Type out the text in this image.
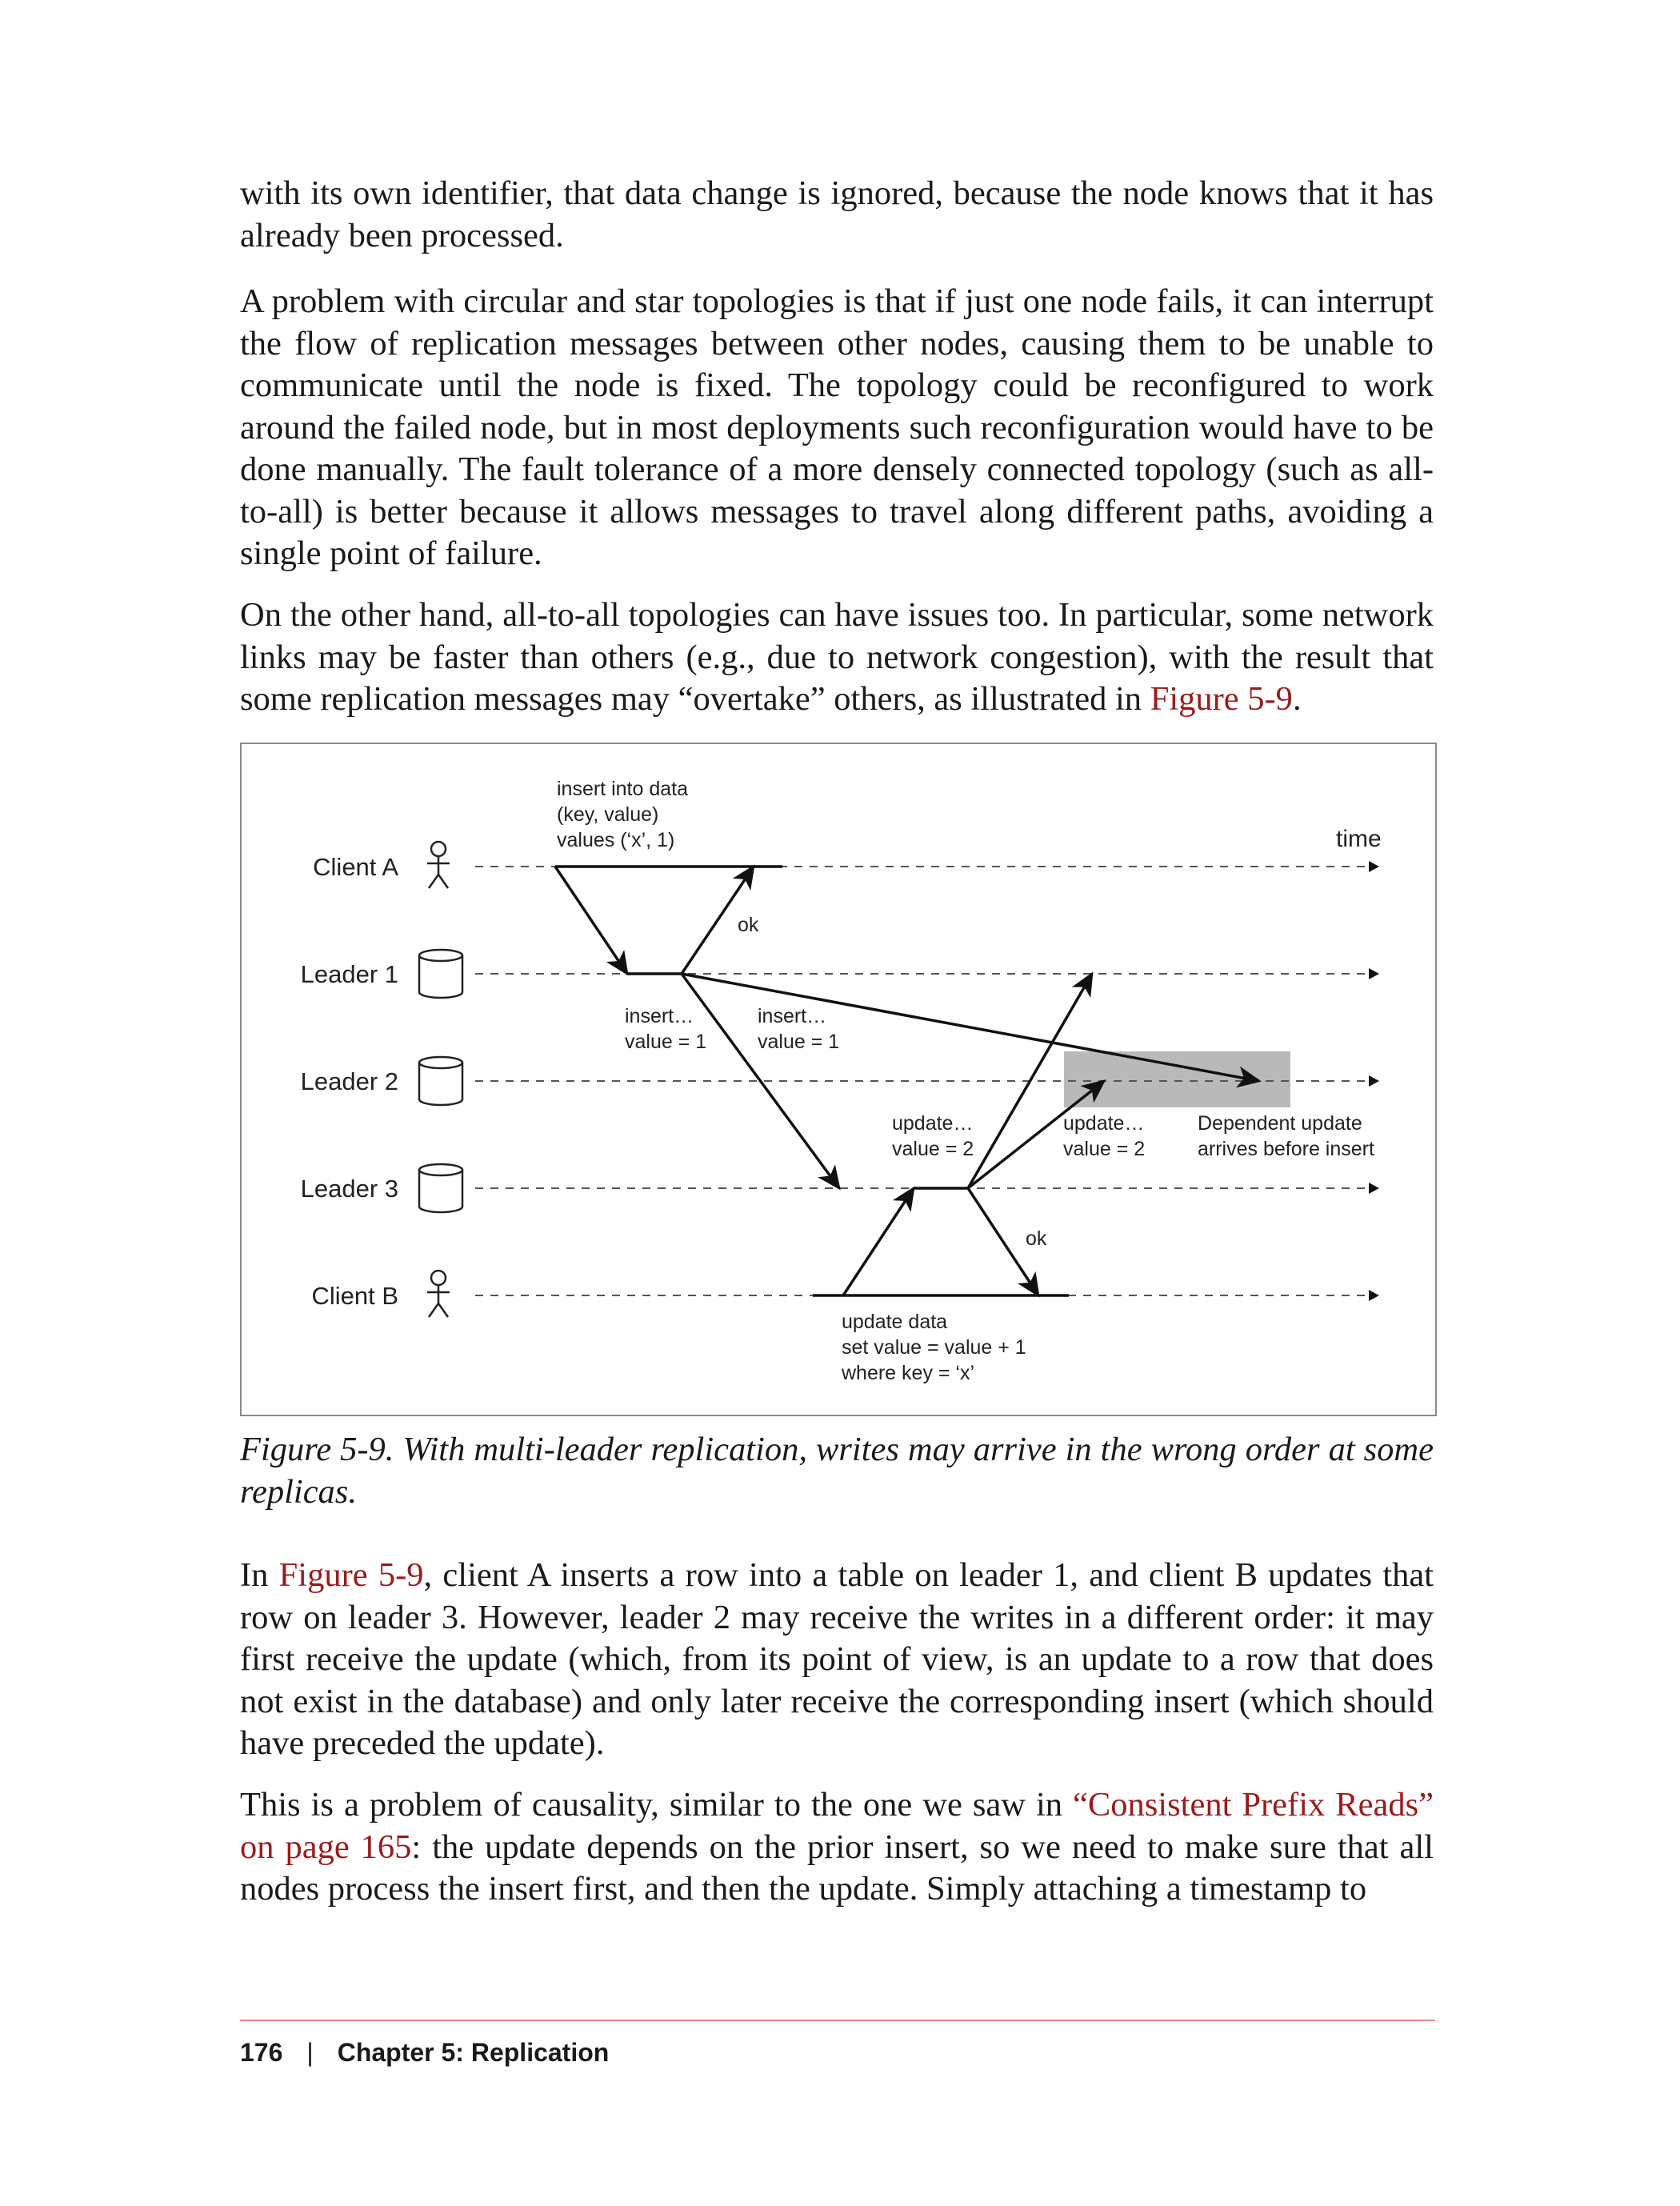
with its own identifier, that data change is ignored, because the node knows that it has already been processed.

A problem with circular and star topologies is that if just one node fails, it can interrupt the flow of replication messages between other nodes, causing them to be unable to communicate until the node is fixed. The topology could be reconfigured to work around the failed node, but in most deployments such reconfiguration would have to be done manually. The fault tolerance of a more densely connected topology (such as all-to-all) is better because it allows messages to travel along different paths, avoiding a single point of failure.

On the other hand, all-to-all topologies can have issues too. In particular, some network links may be faster than others (e.g., due to network congestion), with the result that some replication messages may “overtake” others, as illustrated in Figure 5-9.

Client A
Leader 1
Leader 2
Leader 3
Client B
time
insert into data
(key, value)
values (‘x’, 1)
ok
insert…
value = 1
insert…
value = 1
update…
value = 2
update…
value = 2
Dependent update
arrives before insert
ok
update data
set value = value + 1
where key = ‘x’

Figure 5-9. With multi-leader replication, writes may arrive in the wrong order at some replicas.

In Figure 5-9, client A inserts a row into a table on leader 1, and client B updates that row on leader 3. However, leader 2 may receive the writes in a different order: it may first receive the update (which, from its point of view, is an update to a row that does not exist in the database) and only later receive the corresponding insert (which should have preceded the update).

This is a problem of causality, similar to the one we saw in “Consistent Prefix Reads” on page 165: the update depends on the prior insert, so we need to make sure that all nodes process the insert first, and then the update. Simply attaching a timestamp to

176 | Chapter 5: Replication
